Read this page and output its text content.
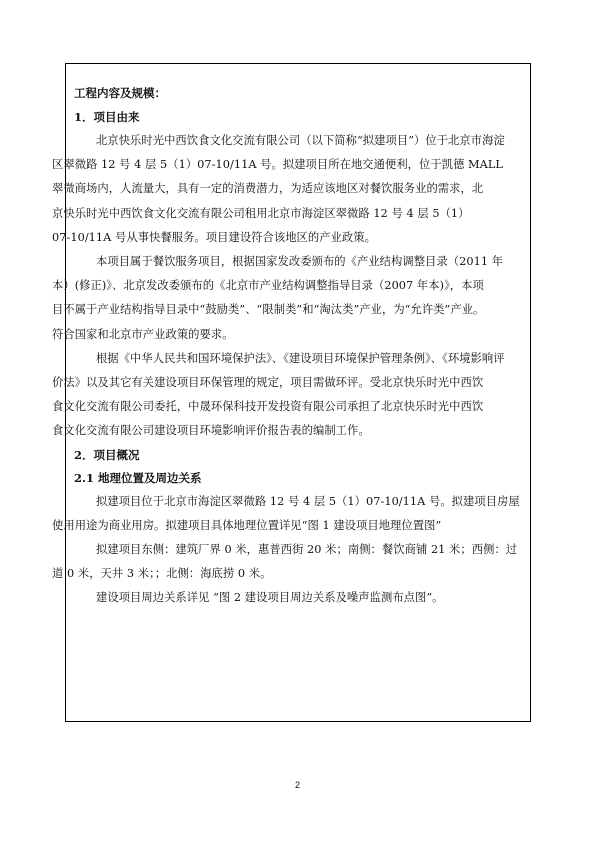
工程内容及规模：

1．项目由来

北京快乐时光中西饮食文化交流有限公司（以下简称“拟建项目”）位于北京市海淀
区翠微路 12 号 4 层 5（1）07-10/11A 号。拟建项目所在地交通便利，位于凯德 MALL
翠微商场内，人流量大，具有一定的消费潜力，为适应该地区对餐饮服务业的需求，北
京快乐时光中西饮食文化交流有限公司租用北京市海淀区翠微路 12 号 4 层 5（1）
07-10/11A 号从事快餐服务。项目建设符合该地区的产业政策。

本项目属于餐饮服务项目，根据国家发改委颁布的《产业结构调整目录（2011 年
本）(修正)》、北京发改委颁布的《北京市产业结构调整指导目录（2007 年本)》，本项
目不属于产业结构指导目录中“鼓励类”、“限制类”和“淘汰类”产业，为“允许类”产业。
符合国家和北京市产业政策的要求。

根据《中华人民共和国环境保护法》、《建设项目环境保护管理条例》、《环境影响评
价法》以及其它有关建设项目环保管理的规定，项目需做环评。受北京快乐时光中西饮
食文化交流有限公司委托，中晟环保科技开发投资有限公司承担了北京快乐时光中西饮
食文化交流有限公司建设项目环境影响评价报告表的编制工作。

2．项目概况

2.1 地理位置及周边关系

拟建项目位于北京市海淀区翠微路 12 号 4 层 5（1）07-10/11A 号。拟建项目房屋
使用用途为商业用房。拟建项目具体地理位置详见“图 1 建设项目地理位置图”

拟建项目东侧：建筑厂界 0 米，惠普西街 20 米；南侧：餐饮商铺 21 米；西侧：过
道 0 米，天井 3 米；；北侧：海底捞 0 米。

建设项目周边关系详见 “图 2 建设项目周边关系及噪声监测布点图”。

2
